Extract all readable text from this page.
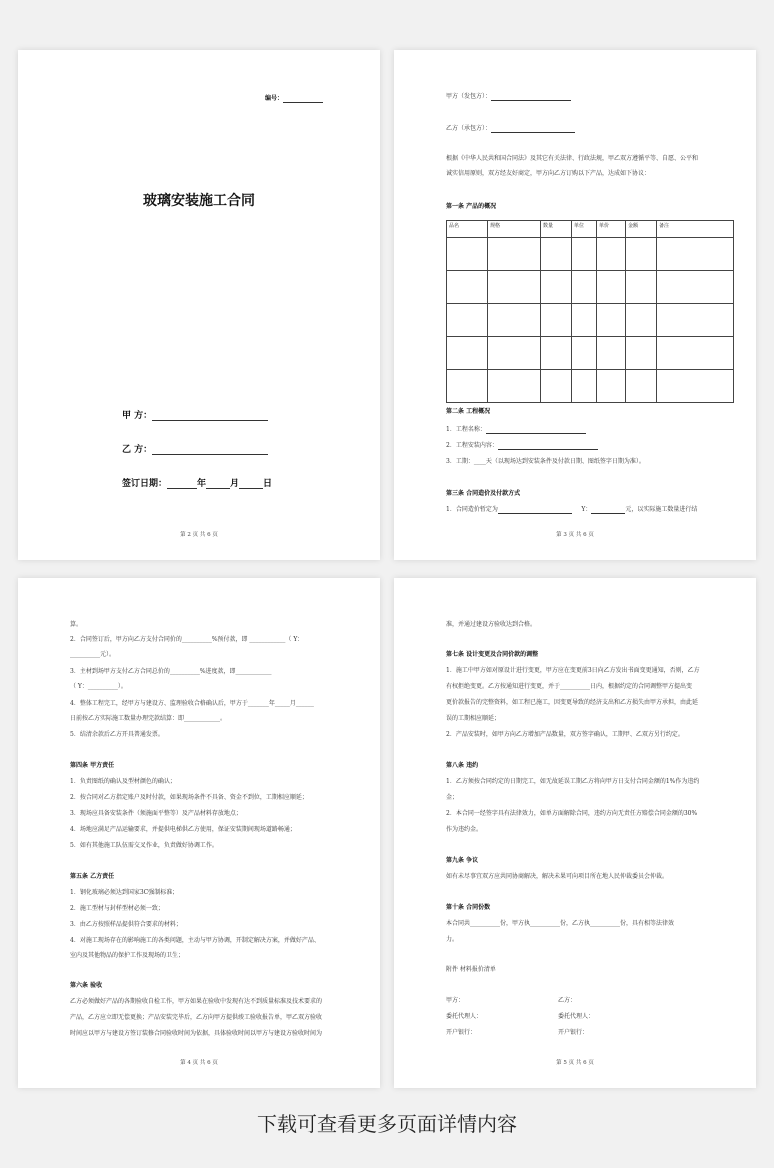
编号：
玻璃安装施工合同
甲 方：
乙 方：
签订日期：	年	月	日
第 2 页 共 6 页
甲方（发包方）：
乙方（承包方）：
根据《中华人民共和国合同法》及其它有关法律、行政法规，甲乙双方遵循平等、自愿、公平和
诚实信用原则，双方经友好商定，甲方向乙方订购以下产品，达成如下协议：
第一条 产品的概况
品名	规格	数量	单位	单价	金额	备注

第二条 工程概况
1．工程名称：
2．工程安装内容：
3．工期：____天（以现场达到安装条件及付款日期、图纸签字日期为准）。
第三条 合同造价及付款方式
1．合同造价暂定为	Y：	元，以实际施工数量进行结
第 3 页 共 6 页
算。
2．合同签订后，甲方向乙方支付合同价的__________%预付款，即 ____________（ Y：
__________元）。
3．主材到场甲方支付乙方合同总价的__________%进度款，即____________
（ Y：__________）。
4．整体工程完工，经甲方与建设方、监理验收合格确认后，甲方于_______年_____月______
日前按乙方实际施工数量办理完款结算：即____________。
5．结清余款后乙方开具普通发票。
第四条 甲方责任
1．负责图纸的确认及型材颜色的确认；
2．按合同对乙方指定账户及时付款，如果现场条件不具备、资金不到位，工期相应顺延；
3．现场应具备安装条件（须施面平整等）及产品材料存放地点；
4．场地应满足产品运输要求，并提供电梯供乙方使用，保证安装期间现场道路畅通；
5．如有其他施工队伍需交叉作业，负责做好协调工作。
第五条 乙方责任
1．钢化玻璃必须达到国家3C强制标准；
2．施工型材与封样型材必须一致；
3．由乙方按照样品提供符合要求的材料；
4．对施工现场存在的影响施工的各类问题，主动与甲方协调，开制定解决方案，并做好产品、
室内及其他物品的保护工作及现场的卫生；
第六条 验收
乙方必须做好产品的各期验收自检工作，甲方如果在验收中发现有达不到质量标准及技术要求的
产品，乙方应立即无偿更换；产品安装完毕后，乙方向甲方提供竣工验收报告单，甲乙双方验收
时间应以甲方与建设方签订装修合同验收时间为依据，具体验收时间以甲方与建设方验收时间为
第 4 页 共 6 页
准，并通过建设方验收达到合格。
第七条 设计变更及合同价款的调整
1．施工中甲方如对原设计进行变更，甲方应在变更前3日向乙方发出书面变更通知，否则，乙方
有权拒绝变更。乙方按通知进行变更，并于__________日内，根据约定的合同调整甲方提出变
更价款报告的完整资料，如工程已施工，因变更导致的经济支出和乙方损失由甲方承担，由此延
误的工期相应顺延；
2．产品安装时，如甲方向乙方增加产品数量，双方签字确认，工期甲、乙双方另行约定。
第八条 违约
1．乙方须按合同约定的日期完工，如无故延误工期乙方将向甲方日支付合同金额的1%作为违约
金；
2．本合同一经签字具有法律效力，如单方面解除合同，违约方向无责任方赔偿合同金额的30%
作为违约金。
第九条 争议
如有未尽事宜双方应共同协商解决，解决未果可向项目所在地人民仲裁委员会仲裁。
第十条 合同份数
本合同共__________份，甲方执__________份，乙方执__________份，具有相等法律效
力。
附件 材料报价清单
甲方：	乙方：
委托代理人：	委托代理人：
开户银行：	开户银行：
第 5 页 共 6 页
下载可查看更多页面详情内容
